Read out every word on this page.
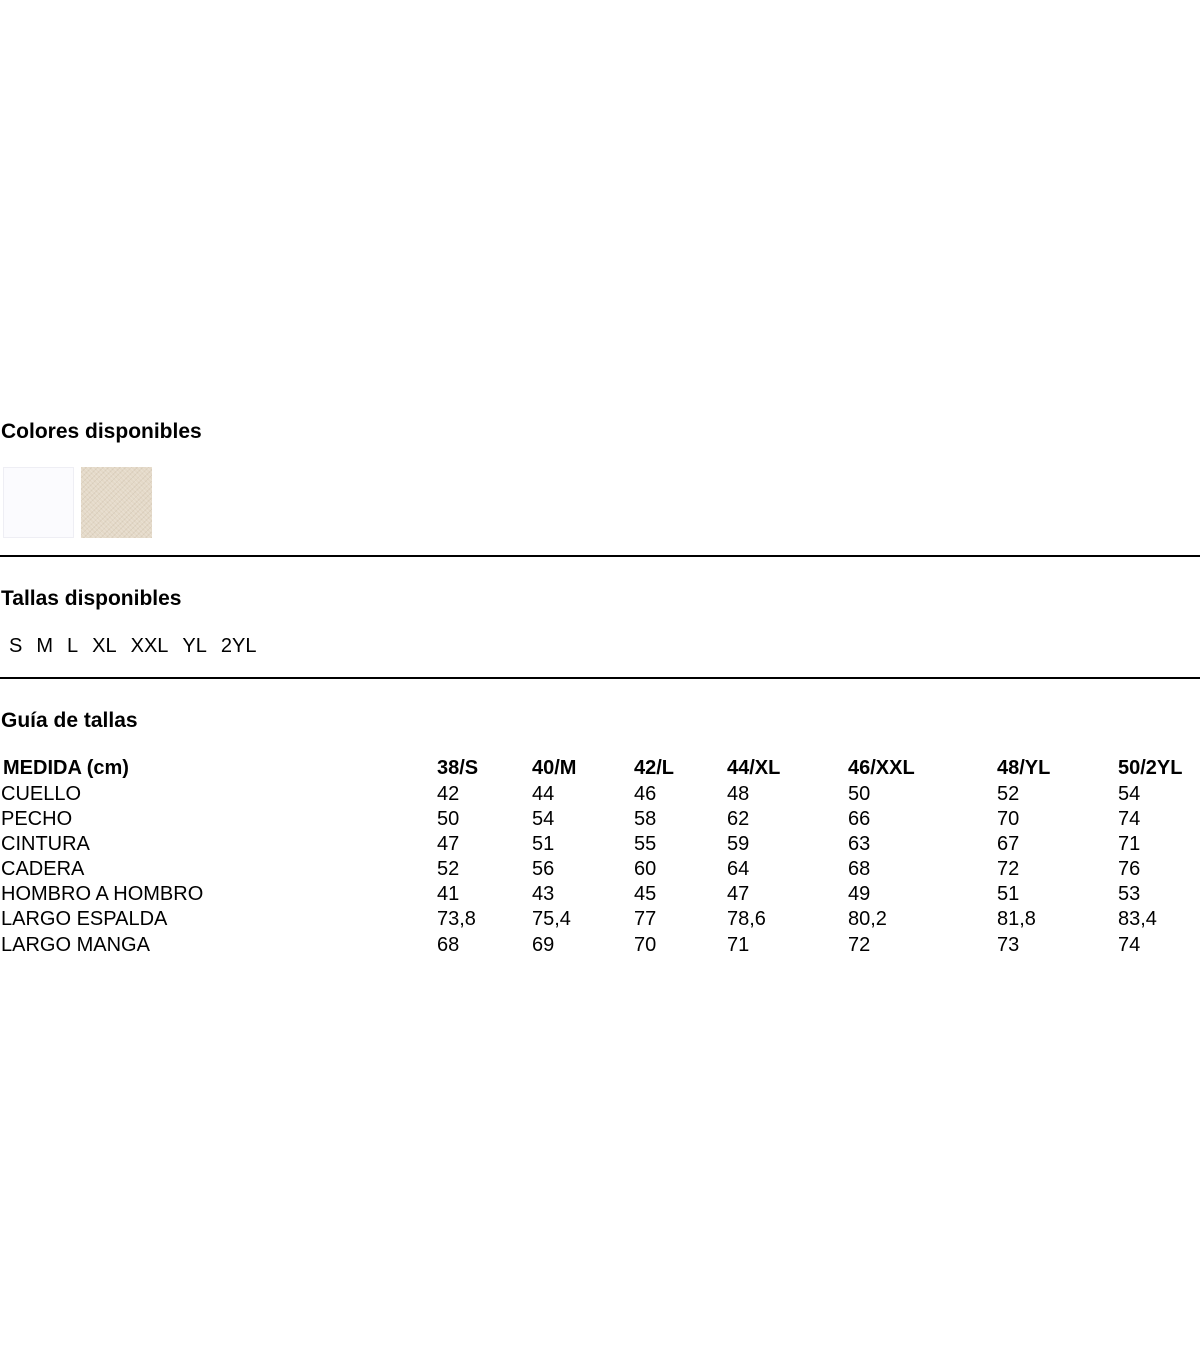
Colores disponibles
Tallas disponibles
S M L XL XXL YL 2YL
Guía de tallas
MEDIDA (cm)	38/S	40/M	42/L	44/XL	46/XXL	48/YL	50/2YL
CUELLO	42	44	46	48	50	52	54
PECHO	50	54	58	62	66	70	74
CINTURA	47	51	55	59	63	67	71
CADERA	52	56	60	64	68	72	76
HOMBRO A HOMBRO	41	43	45	47	49	51	53
LARGO ESPALDA	73,8	75,4	77	78,6	80,2	81,8	83,4
LARGO MANGA	68	69	70	71	72	73	74
